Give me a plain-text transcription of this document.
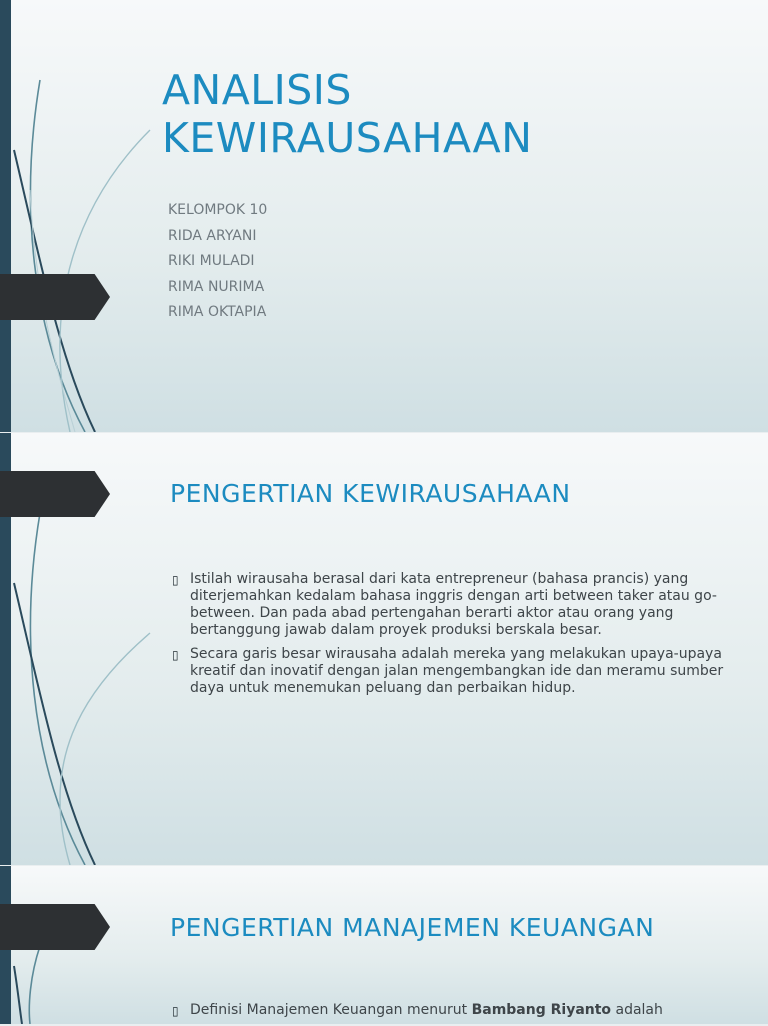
ANALISIS KEWIRAUSAHAAN
KELOMPOK 10
RIDA ARYANI
RIKI MULADI
RIMA NURIMA
RIMA OKTAPIA
PENGERTIAN KEWIRAUSAHAAN
▯ Istilah wirausaha berasal dari kata entrepreneur (bahasa prancis) yang diterjemahkan kedalam bahasa inggris dengan arti between taker atau go-between. Dan pada abad pertengahan berarti aktor atau orang yang bertanggung jawab dalam proyek produksi berskala besar.
▯ Secara garis besar wirausaha adalah mereka yang melakukan upaya-upaya kreatif dan inovatif dengan jalan mengembangkan ide dan meramu sumber daya untuk menemukan peluang dan perbaikan hidup.
PENGERTIAN MANAJEMEN KEUANGAN
▯ Definisi Manajemen Keuangan menurut Bambang Riyanto adalah
